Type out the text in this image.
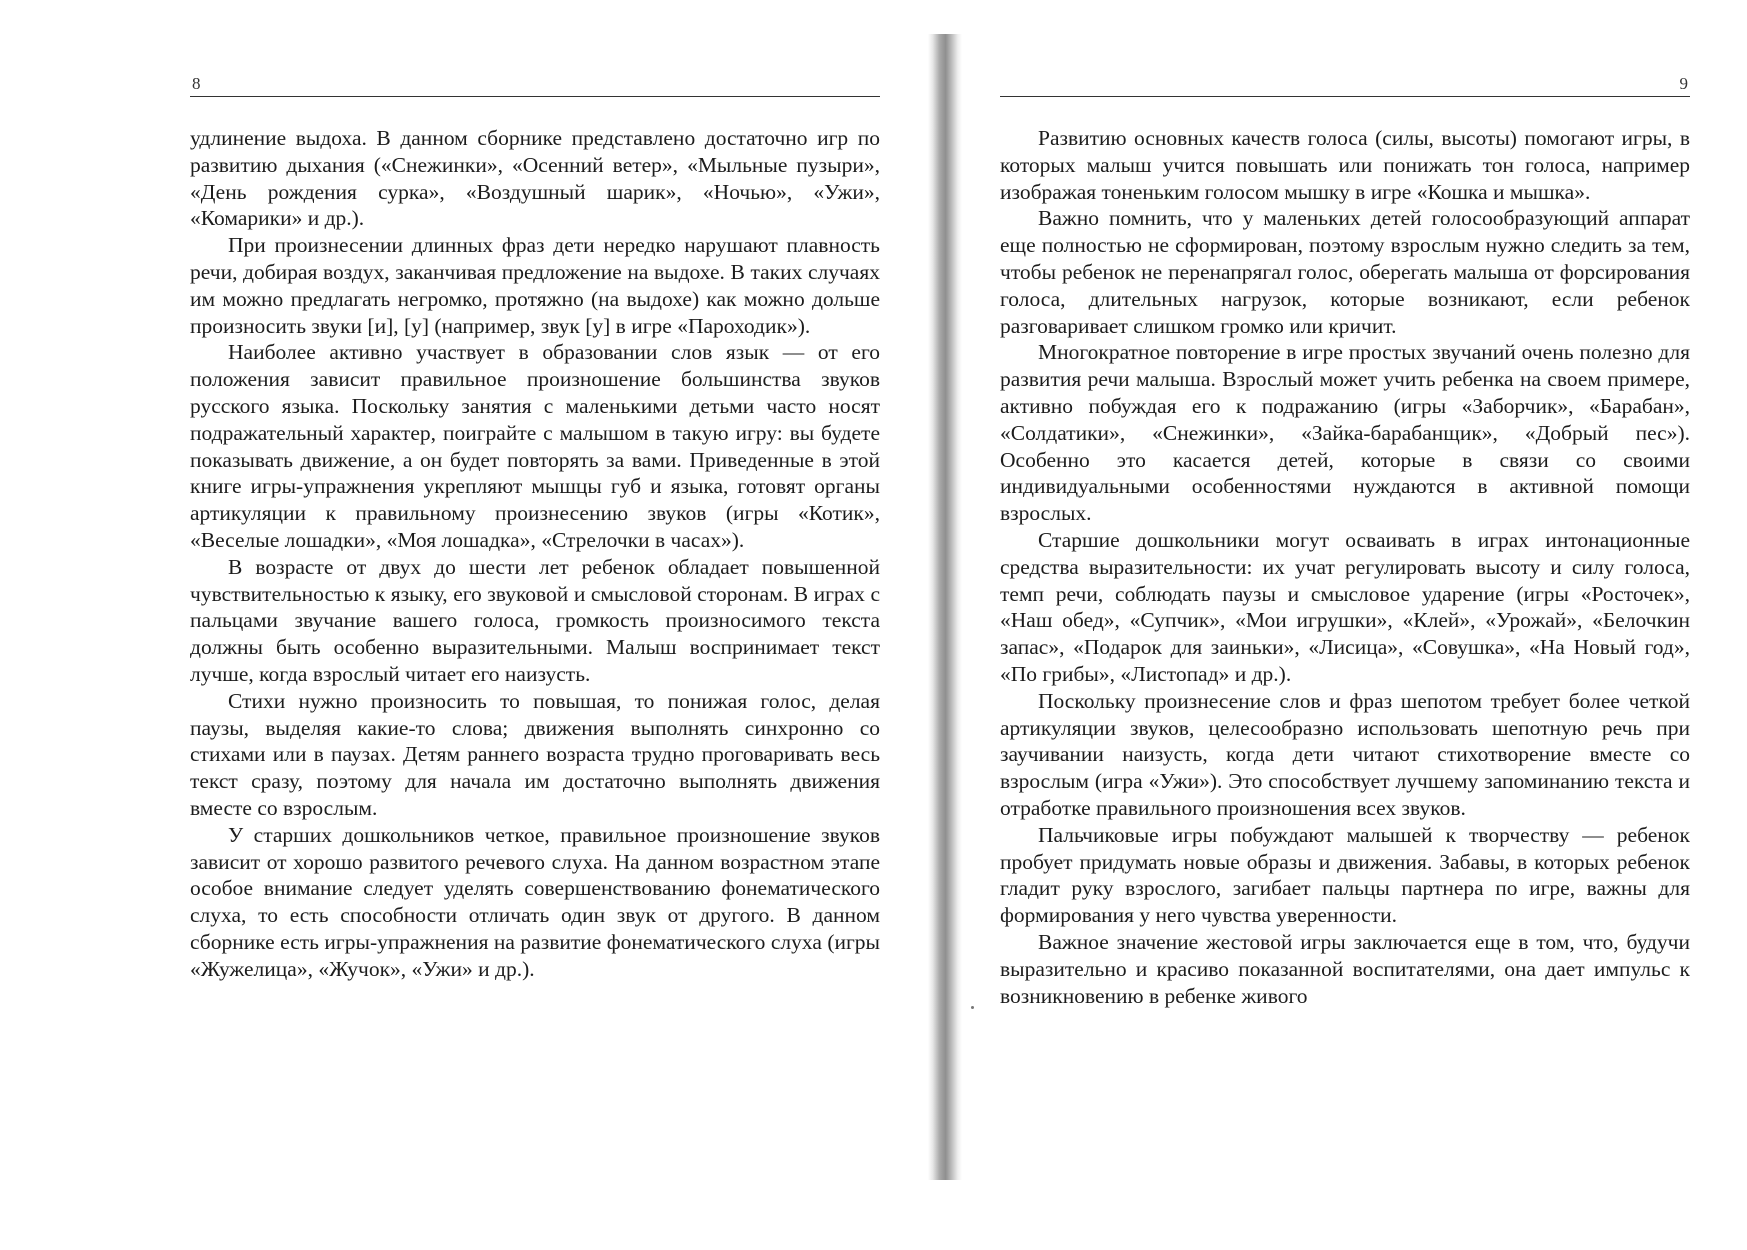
8

удлинение выдоха. В данном сборнике представлено достаточно игр по развитию дыхания («Снежинки», «Осенний ветер», «Мыльные пузыри», «День рождения сурка», «Воздушный шарик», «Ночью», «Ужи», «Комарики» и др.).

При произнесении длинных фраз дети нередко нарушают плавность речи, добирая воздух, заканчивая предложение на выдохе. В таких случаях им можно предлагать негромко, протяжно (на выдохе) как можно дольше произносить звуки [и], [у] (например, звук [у] в игре «Пароходик»).

Наиболее активно участвует в образовании слов язык — от его положения зависит правильное произношение большинства звуков русского языка. Поскольку занятия с маленькими детьми часто носят подражательный характер, поиграйте с малышом в такую игру: вы будете показывать движение, а он будет повторять за вами. Приведенные в этой книге игры-упражнения укрепляют мышцы губ и языка, готовят органы артикуляции к правильному произнесению звуков (игры «Котик», «Веселые лошадки», «Моя лошадка», «Стрелочки в часах»).

В возрасте от двух до шести лет ребенок обладает повышенной чувствительностью к языку, его звуковой и смысловой сторонам. В играх с пальцами звучание вашего голоса, громкость произносимого текста должны быть особенно выразительными. Малыш воспринимает текст лучше, когда взрослый читает его наизусть.

Стихи нужно произносить то повышая, то понижая голос, делая паузы, выделяя какие-то слова; движения выполнять синхронно со стихами или в паузах. Детям раннего возраста трудно проговаривать весь текст сразу, поэтому для начала им достаточно выполнять движения вместе со взрослым.

У старших дошкольников четкое, правильное произношение звуков зависит от хорошо развитого речевого слуха. На данном возрастном этапе особое внимание следует уделять совершенствованию фонематического слуха, то есть способности отличать один звук от другого. В данном сборнике есть игры-упражнения на развитие фонематического слуха (игры «Жужелица», «Жучок», «Ужи» и др.).

9

Развитию основных качеств голоса (силы, высоты) помогают игры, в которых малыш учится повышать или понижать тон голоса, например изображая тоненьким голосом мышку в игре «Кошка и мышка».

Важно помнить, что у маленьких детей голосообразующий аппарат еще полностью не сформирован, поэтому взрослым нужно следить за тем, чтобы ребенок не перенапрягал голос, оберегать малыша от форсирования голоса, длительных нагрузок, которые возникают, если ребенок разговаривает слишком громко или кричит.

Многократное повторение в игре простых звучаний очень полезно для развития речи малыша. Взрослый может учить ребенка на своем примере, активно побуждая его к подражанию (игры «Заборчик», «Барабан», «Солдатики», «Снежинки», «Зайка-барабанщик», «Добрый пес»). Особенно это касается детей, которые в связи со своими индивидуальными особенностями нуждаются в активной помощи взрослых.

Старшие дошкольники могут осваивать в играх интонационные средства выразительности: их учат регулировать высоту и силу голоса, темп речи, соблюдать паузы и смысловое ударение (игры «Росточек», «Наш обед», «Супчик», «Мои игрушки», «Клей», «Урожай», «Белочкин запас», «Подарок для заиньки», «Лисица», «Совушка», «На Новый год», «По грибы», «Листопад» и др.).

Поскольку произнесение слов и фраз шепотом требует более четкой артикуляции звуков, целесообразно использовать шепотную речь при заучивании наизусть, когда дети читают стихотворение вместе со взрослым (игра «Ужи»). Это способствует лучшему запоминанию текста и отработке правильного произношения всех звуков.

Пальчиковые игры побуждают малышей к творчеству — ребенок пробует придумать новые образы и движения. Забавы, в которых ребенок гладит руку взрослого, загибает пальцы партнера по игре, важны для формирования у него чувства уверенности.

Важное значение жестовой игры заключается еще в том, что, будучи выразительно и красиво показанной воспитателями, она дает импульс к возникновению в ребенке живого
